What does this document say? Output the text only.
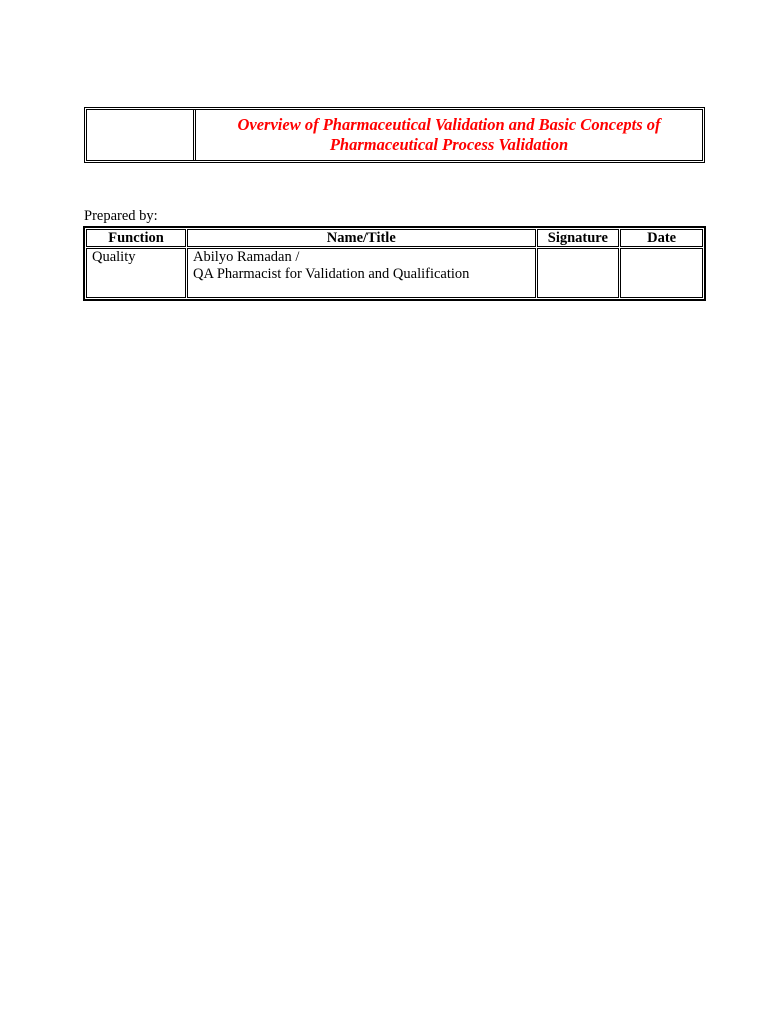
Overview of Pharmaceutical Validation and Basic Concepts of
Pharmaceutical Process Validation

Prepared by:

Function	Name/Title	Signature	Date
Quality	Abilyo Ramadan /
QA Pharmacist for Validation and Qualification		
